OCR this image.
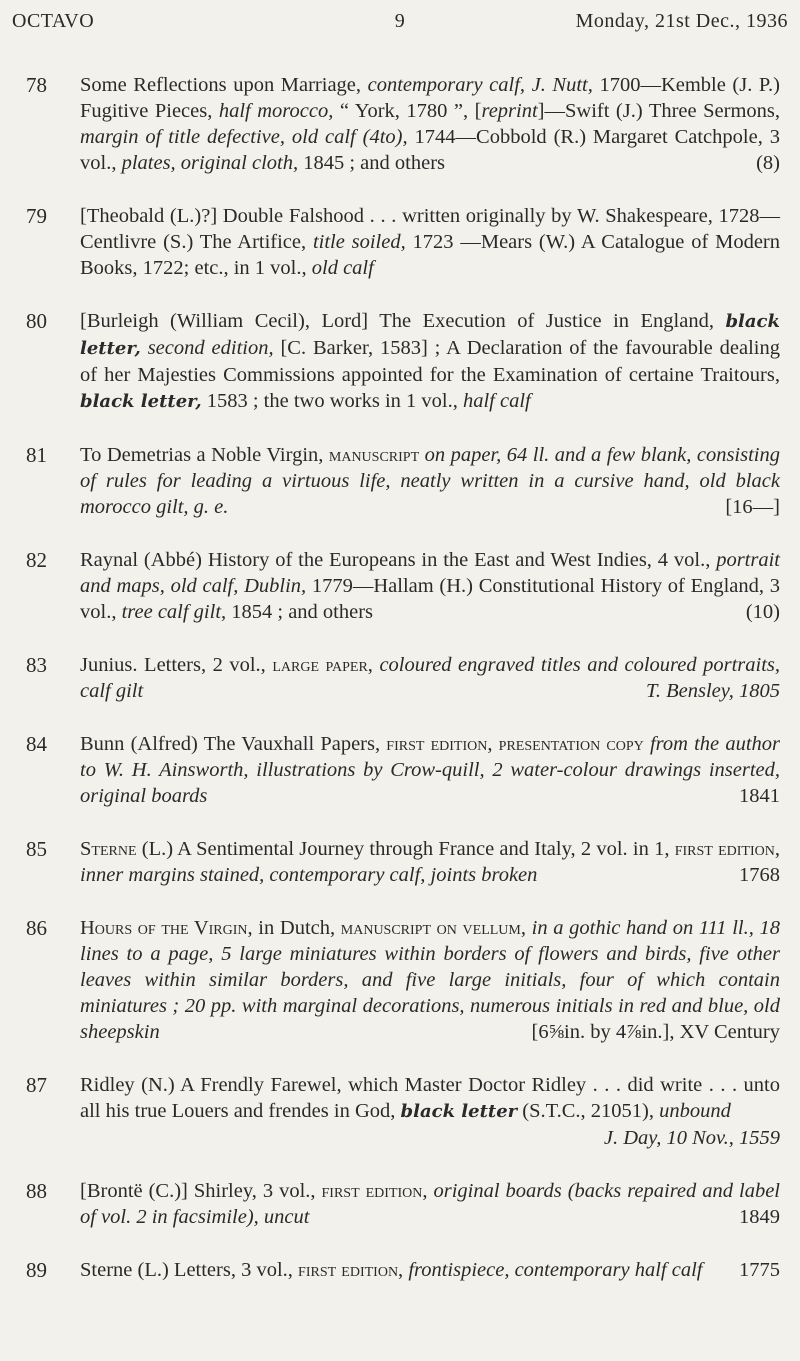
OCTAVO	9	Monday, 21st Dec., 1936
78	Some Reflections upon Marriage, contemporary calf, J. Nutt, 1700—Kemble (J. P.) Fugitive Pieces, half morocco, “ York, 1780 ”, [reprint]—Swift (J.) Three Sermons, margin of title defective, old calf (4to), 1744—Cobbold (R.) Margaret Catchpole, 3 vol., plates, original cloth, 1845 ; and others	(8)
79	[Theobald (L.)?] Double Falshood . . . written originally by W. Shakespeare, 1728—Centlivre (S.) The Artifice, title soiled, 1723 —Mears (W.) A Catalogue of Modern Books, 1722; etc., in 1 vol., old calf
80	[Burleigh (William Cecil), Lord] The Execution of Justice in England, black letter, second edition, [C. Barker, 1583] ; A Declaration of the favourable dealing of her Majesties Commissions appointed for the Examination of certaine Traitours, black letter, 1583 ; the two works in 1 vol., half calf
81	To Demetrias a Noble Virgin, manuscript on paper, 64 ll. and a few blank, consisting of rules for leading a virtuous life, neatly written in a cursive hand, old black morocco gilt, g. e.	[16—]
82	Raynal (Abbé) History of the Europeans in the East and West Indies, 4 vol., portrait and maps, old calf, Dublin, 1779—Hallam (H.) Constitutional History of England, 3 vol., tree calf gilt, 1854 ; and others	(10)
83	Junius. Letters, 2 vol., large paper, coloured engraved titles and coloured portraits, calf gilt	T. Bensley, 1805
84	Bunn (Alfred) The Vauxhall Papers, first edition, presentation copy from the author to W. H. Ainsworth, illustrations by Crow-quill, 2 water-colour drawings inserted, original boards	1841
85	Sterne (L.) A Sentimental Journey through France and Italy, 2 vol. in 1, first edition, inner margins stained, contemporary calf, joints broken	1768
86	Hours of the Virgin, in Dutch, manuscript on vellum, in a gothic hand on 111 ll., 18 lines to a page, 5 large miniatures within borders of flowers and birds, five other leaves within similar borders, and five large initials, four of which contain miniatures ; 20 pp. with marginal decorations, numerous initials in red and blue, old sheepskin	[6⅝in. by 4⅞in.], XV Century
87	Ridley (N.) A Frendly Farewel, which Master Doctor Ridley . . . did write . . . unto all his true Louers and frendes in God, black letter (S.T.C., 21051), unbound
J. Day, 10 Nov., 1559
88	[Brontë (C.)] Shirley, 3 vol., first edition, original boards (backs repaired and label of vol. 2 in facsimile), uncut	1849
89	Sterne (L.) Letters, 3 vol., first edition, frontispiece, contemporary half calf 1775
